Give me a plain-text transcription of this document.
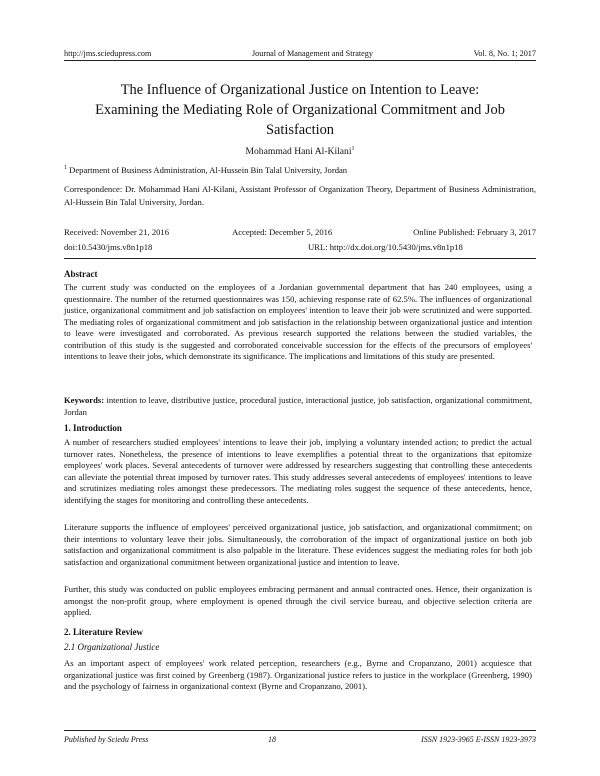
http://jms.sciedupress.com	Journal of Management and Strategy	Vol. 8, No. 1; 2017
The Influence of Organizational Justice on Intention to Leave:
Examining the Mediating Role of Organizational Commitment and Job
Satisfaction
Mohammad Hani Al-Kilani$^1$
$^1$ Department of Business Administration, Al-Hussein Bin Talal University, Jordan
Correspondence: Dr. Mohammad Hani Al-Kilani, Assistant Professor of Organization Theory, Department of Business Administration, Al-Hussein Bin Talal University, Jordan.
Received: November 21, 2016	Accepted: December 5, 2016	Online Published: February 3, 2017
doi:10.5430/jms.v8n1p18	URL: http://dx.doi.org/10.5430/jms.v8n1p18
Abstract

The current study was conducted on the employees of a Jordanian governmental department that has 240 employees, using a questionnaire. The number of the returned questionnaires was 150, achieving response rate of 62.5%. The influences of organizational justice, organizational commitment and job satisfaction on employees' intention to leave their job were scrutinized and were supported. The mediating roles of organizational commitment and job satisfaction in the relationship between organizational justice and intention to leave were investigated and corroborated. As previous research supported the relations between the studied variables, the contribution of this study is the suggested and corroborated conceivable succession for the effects of the precursors of employees' intentions to leave their jobs, which demonstrate its significance. The implications and limitations of this study are presented.

Keywords: intention to leave, distributive justice, procedural justice, interactional justice, job satisfaction, organizational commitment, Jordan

1. Introduction

A number of researchers studied employees' intentions to leave their job, implying a voluntary intended action; to predict the actual turnover rates. Nonetheless, the presence of intentions to leave exemplifies a potential threat to the organizations that epitomize employees' work places. Several antecedents of turnover were addressed by researchers suggesting that controlling these antecedents can alleviate the potential threat imposed by turnover rates. This study addresses several antecedents of employees' intentions to leave and scrutinizes mediating roles amongst these predecessors. The mediating roles suggest the sequence of these antecedents, hence, identifying the stages for monitoring and controlling these antecedents.

Literature supports the influence of employees' perceived organizational justice, job satisfaction, and organizational commitment; on their intentions to voluntary leave their jobs. Simultaneously, the corroboration of the impact of organizational justice on both job satisfaction and organizational commitment is also palpable in the literature. These evidences suggest the mediating roles for both job satisfaction and organizational commitment between organizational justice and intention to leave.

Further, this study was conducted on public employees embracing permanent and annual contracted ones. Hence, their organization is amongst the non-profit group, where employment is opened through the civil service bureau, and objective selection criteria are applied.

2. Literature Review
2.1 Organizational Justice

As an important aspect of employees' work related perception, researchers (e.g., Byrne and Cropanzano, 2001) acquiesce that organizational justice was first coined by Greenberg (1987). Organizational justice refers to justice in the workplace (Greenberg, 1990) and the psychology of fairness in organizational context (Byrne and Cropanzano, 2001).

Published by Sciedu Press	18	ISSN 1923-3965 E-ISSN 1923-3973
